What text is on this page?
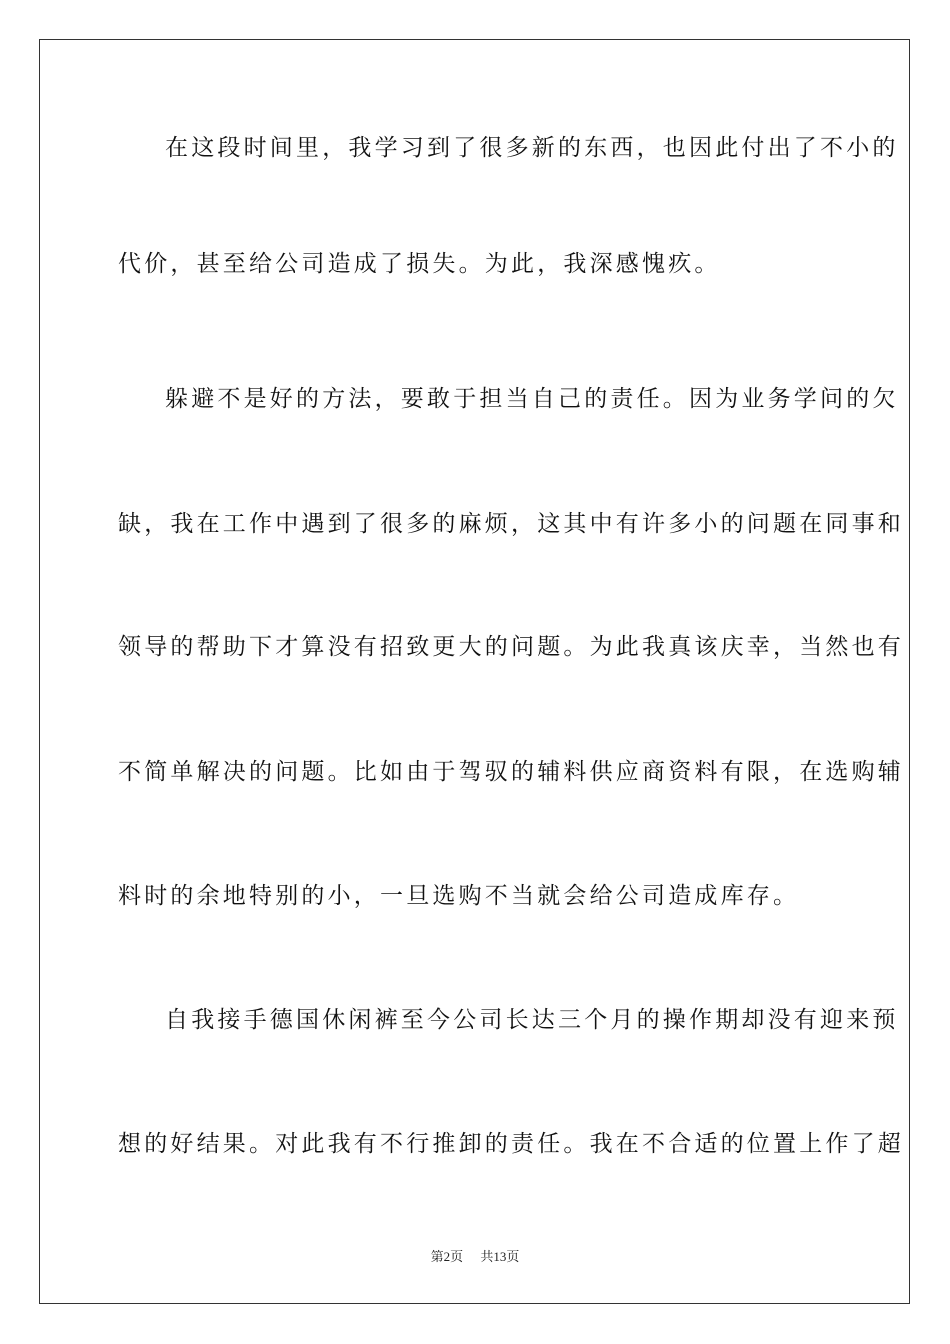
在这段时间里，我学习到了很多新的东西，也因此付出了不小的
代价，甚至给公司造成了损失。为此，我深感愧疚。
躲避不是好的方法，要敢于担当自己的责任。因为业务学问的欠
缺，我在工作中遇到了很多的麻烦，这其中有许多小的问题在同事和
领导的帮助下才算没有招致更大的问题。为此我真该庆幸，当然也有
不简单解决的问题。比如由于驾驭的辅料供应商资料有限，在选购辅
料时的余地特别的小，一旦选购不当就会给公司造成库存。
自我接手德国休闲裤至今公司长达三个月的操作期却没有迎来预
想的好结果。对此我有不行推卸的责任。我在不合适的位置上作了超
第2页 共13页
